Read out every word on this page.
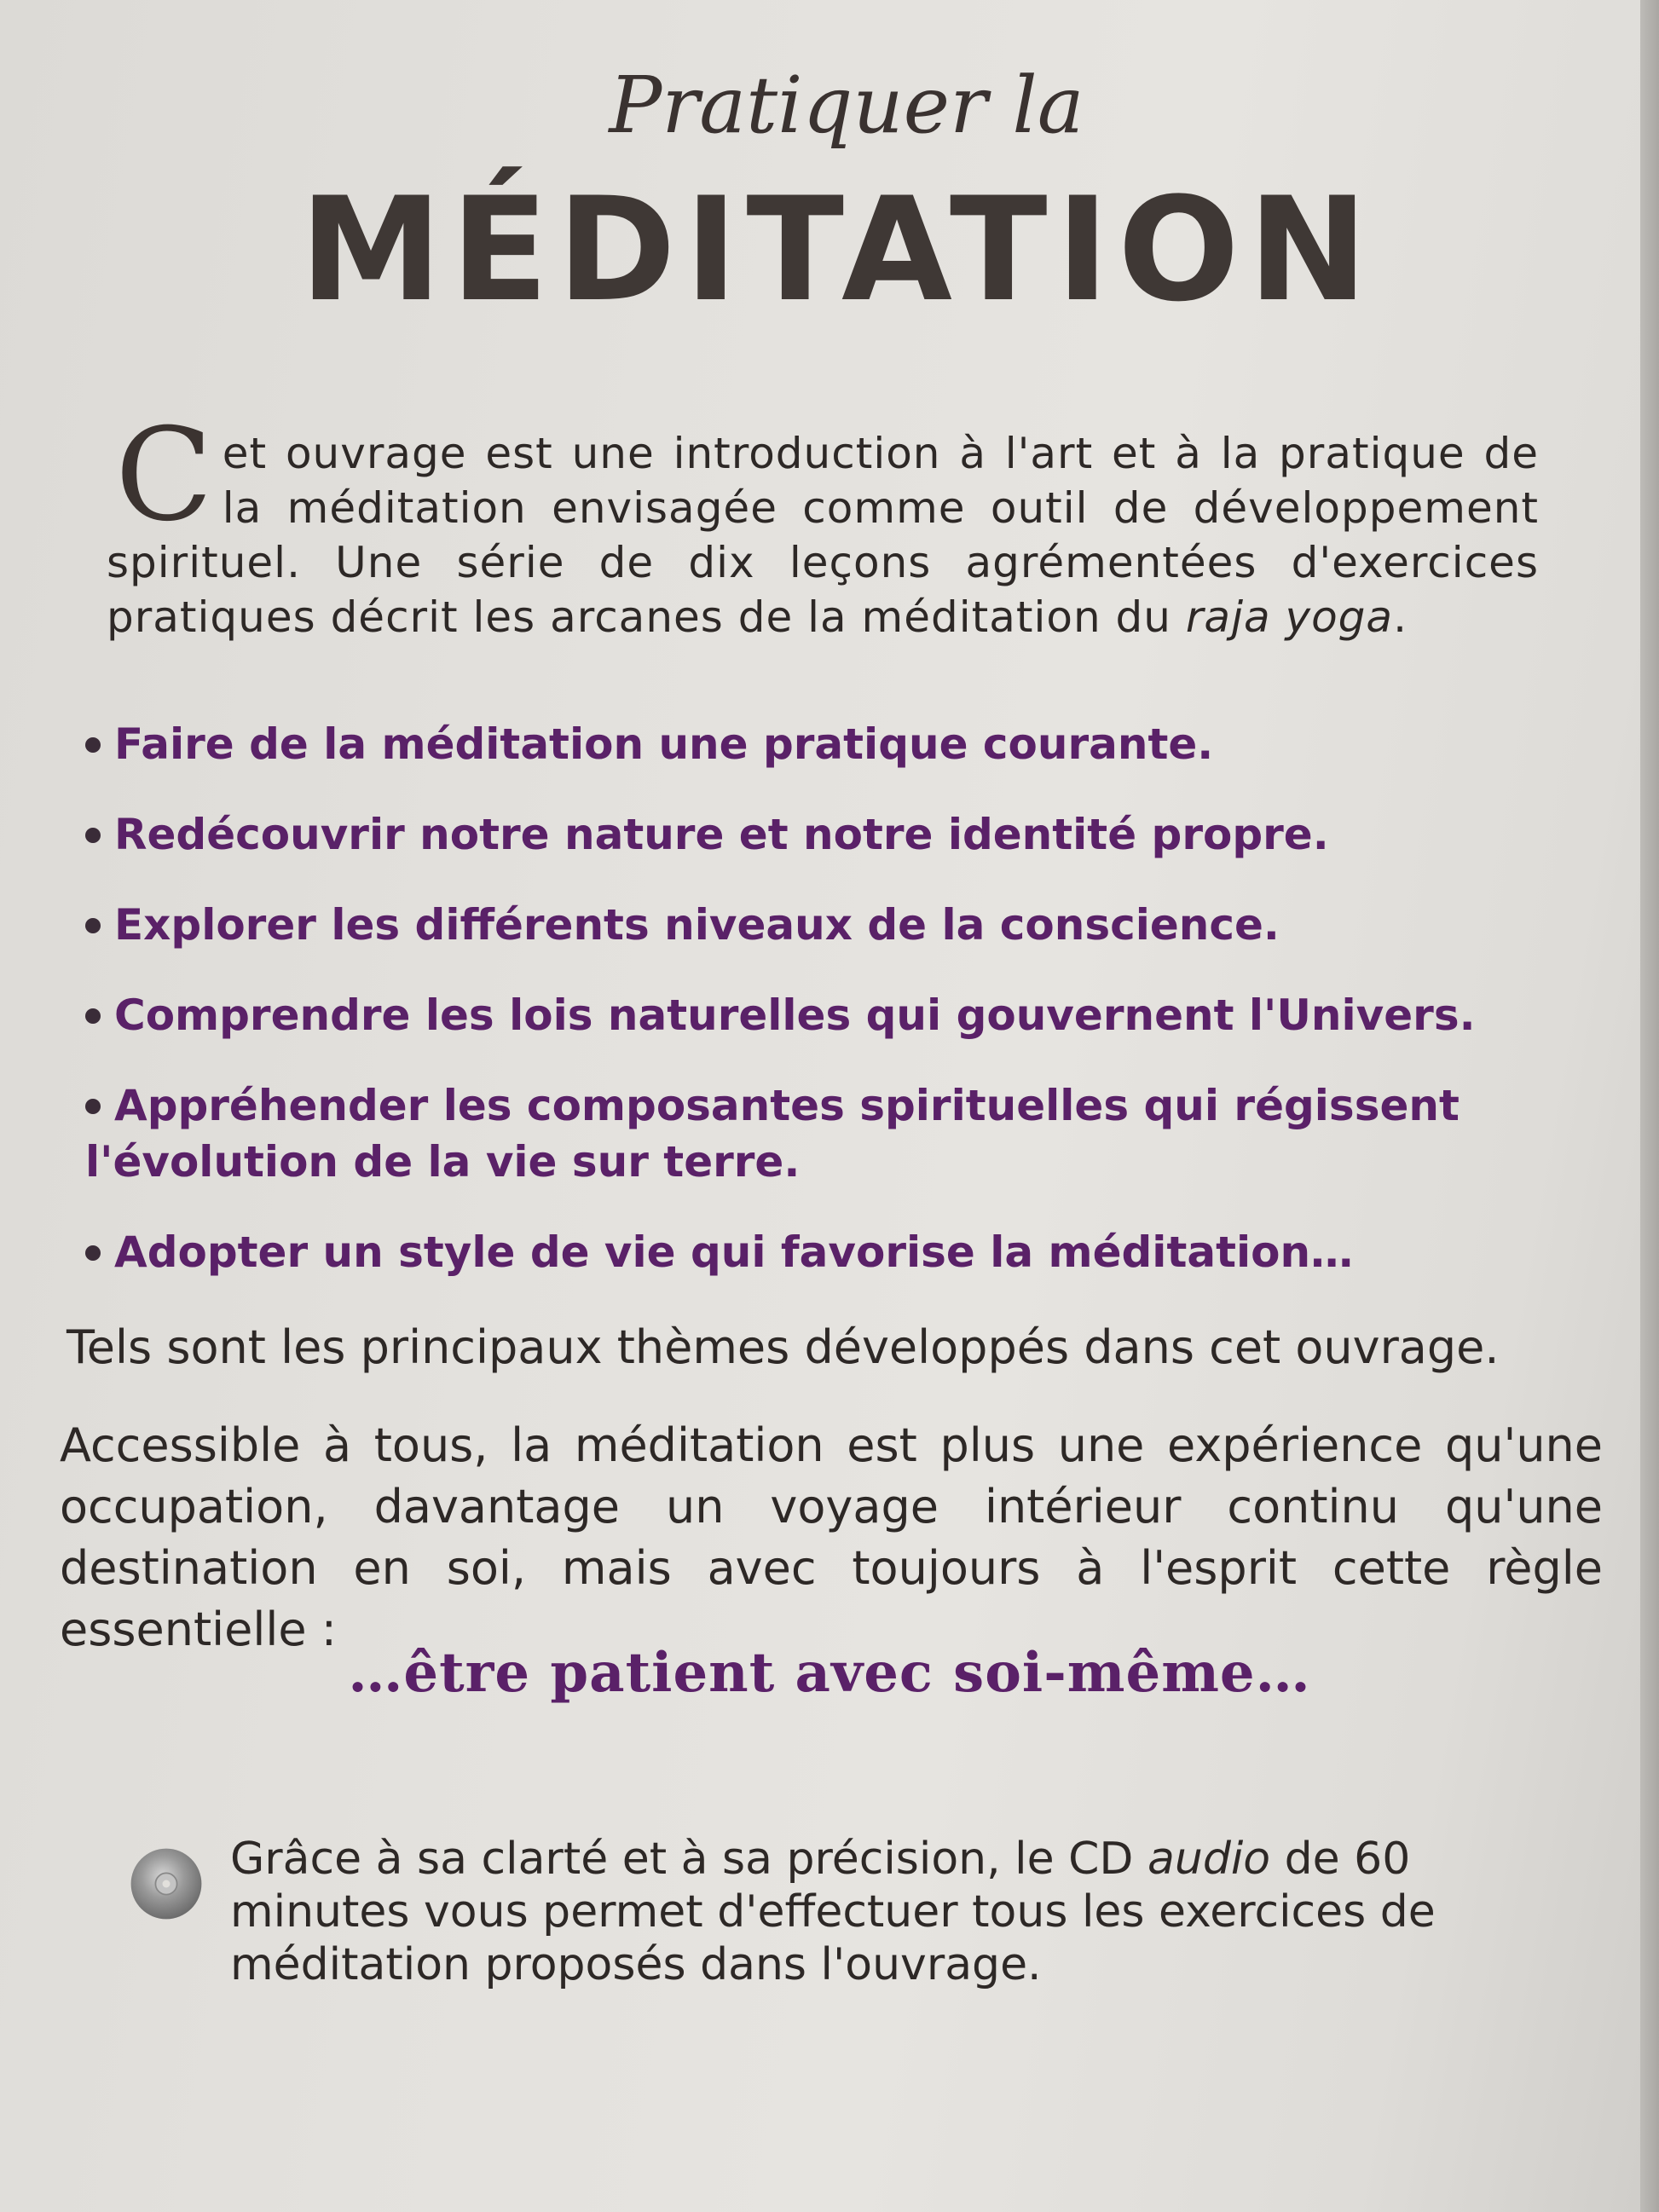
Pratiquer la
MÉDITATION
Cet ouvrage est une introduction à l'art et à la pratique de la méditation envisagée comme outil de développement spirituel. Une série de dix leçons agrémentées d'exercices pratiques décrit les arcanes de la méditation du raja yoga.
Faire de la méditation une pratique courante.
Redécouvrir notre nature et notre identité propre.
Explorer les différents niveaux de la conscience.
Comprendre les lois naturelles qui gouvernent l'Univers.
Appréhender les composantes spirituelles qui régissent l'évolution de la vie sur terre.
Adopter un style de vie qui favorise la méditation…
Tels sont les principaux thèmes développés dans cet ouvrage.
Accessible à tous, la méditation est plus une expérience qu'une occupation, davantage un voyage intérieur continu qu'une destination en soi, mais avec toujours à l'esprit cette règle essentielle :
…être patient avec soi-même…
Grâce à sa clarté et à sa précision, le CD audio de 60 minutes vous permet d'effectuer tous les exercices de méditation proposés dans l'ouvrage.
